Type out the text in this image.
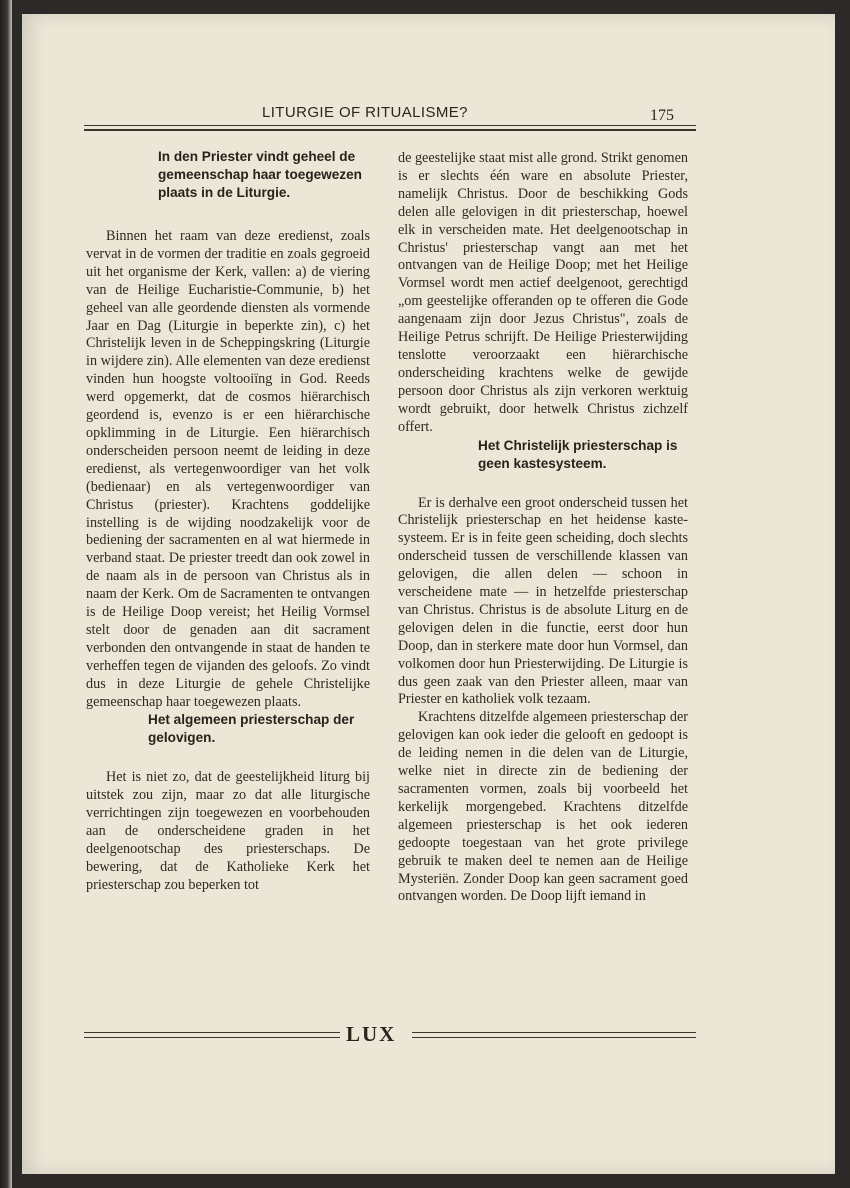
LITURGIE OF RITUALISME?	175

In den Priester vindt geheel de gemeenschap haar toegewezen plaats in de Liturgie.

Binnen het raam van deze eredienst, zoals vervat in de vormen der traditie en zoals gegroeid uit het organisme der Kerk, vallen: a) de viering van de Heilige Eucharistie-Communie, b) het geheel van alle geordende diensten als vormende Jaar en Dag (Liturgie in beperkte zin), c) het Christelijk leven in de Scheppingskring (Liturgie in wijdere zin). Alle elementen van deze eredienst vinden hun hoogste voltooiïng in God. Reeds werd opgemerkt, dat de cosmos hiërarchisch geordend is, evenzo is er een hiërarchische opklimming in de Liturgie. Een hiërarchisch onderscheiden persoon neemt de leiding in deze eredienst, als vertegenwoordiger van het volk (bedienaar) en als vertegenwoordiger van Christus (priester). Krachtens goddelijke instelling is de wijding noodzakelijk voor de bediening der sacramenten en al wat hiermede in verband staat. De priester treedt dan ook zowel in de naam als in de persoon van Christus als in naam der Kerk. Om de Sacramenten te ontvangen is de Heilige Doop vereist; het Heilig Vormsel stelt door de genaden aan dit sacrament verbonden den ontvangende in staat de handen te verheffen tegen de vijanden des geloofs. Zo vindt dus in deze Liturgie de gehele Christelijke gemeenschap haar toegewezen plaats.

Het algemeen priesterschap der gelovigen.

Het is niet zo, dat de geestelijkheid liturg bij uitstek zou zijn, maar zo dat alle liturgische verrichtingen zijn toegewezen en voorbehouden aan de onderscheidene graden in het deelgenootschap des priesterschaps. De bewering, dat de Katholieke Kerk het priesterschap zou beperken tot

de geestelijke staat mist alle grond. Strikt genomen is er slechts één ware en absolute Priester, namelijk Christus. Door de beschikking Gods delen alle gelovigen in dit priesterschap, hoewel elk in verscheiden mate. Het deelgenootschap in Christus' priesterschap vangt aan met het ontvangen van de Heilige Doop; met het Heilige Vormsel wordt men actief deelgenoot, gerechtigd „om geestelijke offeranden op te offeren die Gode aangenaam zijn door Jezus Christus", zoals de Heilige Petrus schrijft. De Heilige Priesterwijding tenslotte veroorzaakt een hiërarchische onderscheiding krachtens welke de gewijde persoon door Christus als zijn verkoren werktuig wordt gebruikt, door hetwelk Christus zichzelf offert.

Het Christelijk priesterschap is geen kastesysteem.

Er is derhalve een groot onderscheid tussen het Christelijk priesterschap en het heidense kaste-systeem. Er is in feite geen scheiding, doch slechts onderscheid tussen de verschillende klassen van gelovigen, die allen delen — schoon in verscheidene mate — in hetzelfde priesterschap van Christus. Christus is de absolute Liturg en de gelovigen delen in die functie, eerst door hun Doop, dan in sterkere mate door hun Vormsel, dan volkomen door hun Priesterwijding. De Liturgie is dus geen zaak van den Priester alleen, maar van Priester en katholiek volk tezaam.

Krachtens ditzelfde algemeen priesterschap der gelovigen kan ook ieder die gelooft en gedoopt is de leiding nemen in die delen van de Liturgie, welke niet in directe zin de bediening der sacramenten vormen, zoals bij voorbeeld het kerkelijk morgengebed. Krachtens ditzelfde algemeen priesterschap is het ook iederen gedoopte toegestaan van het grote privilege gebruik te maken deel te nemen aan de Heilige Mysteriën. Zonder Doop kan geen sacrament goed ontvangen worden. De Doop lijft iemand in

LUX
